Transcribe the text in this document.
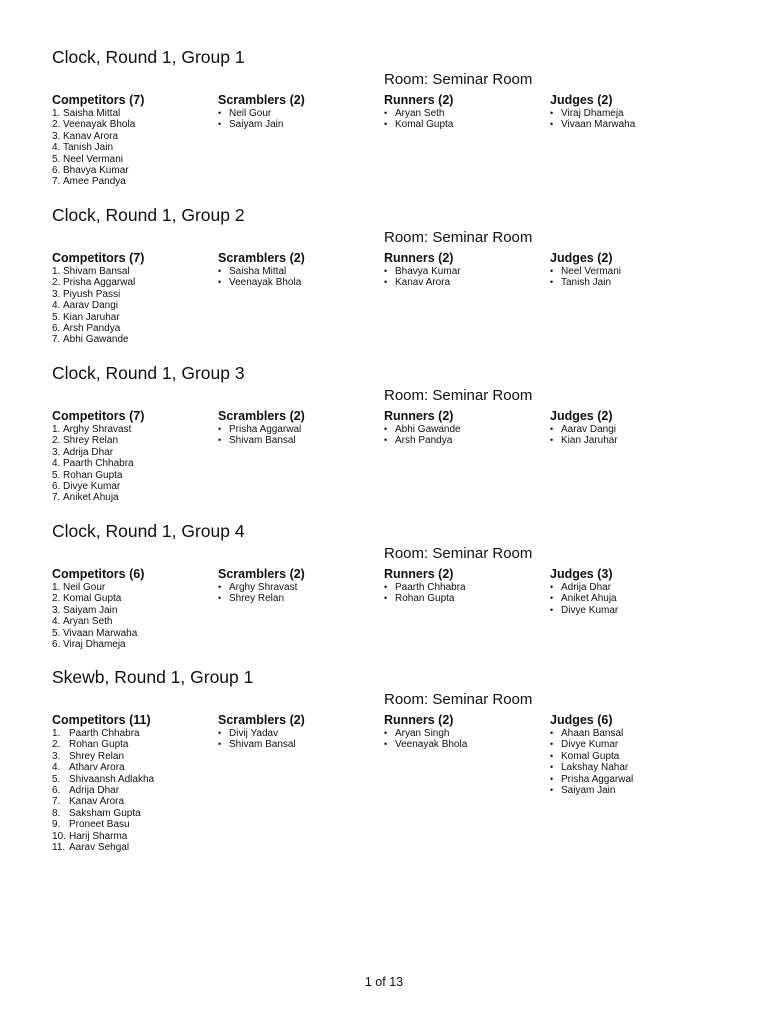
Clock, Round 1, Group 1
Room: Seminar Room
Competitors (7)
1. Saisha Mittal
2. Veenayak Bhola
3. Kanav Arora
4. Tanish Jain
5. Neel Vermani
6. Bhavya Kumar
7. Amee Pandya
Scramblers (2)
• Neil Gour
• Saiyam Jain
Runners (2)
• Aryan Seth
• Komal Gupta
Judges (2)
• Viraj Dhameja
• Vivaan Marwaha
Clock, Round 1, Group 2
Room: Seminar Room
Competitors (7)
1. Shivam Bansal
2. Prisha Aggarwal
3. Piyush Passi
4. Aarav Dangi
5. Kian Jaruhar
6. Arsh Pandya
7. Abhi Gawande
Scramblers (2)
• Saisha Mittal
• Veenayak Bhola
Runners (2)
• Bhavya Kumar
• Kanav Arora
Judges (2)
• Neel Vermani
• Tanish Jain
Clock, Round 1, Group 3
Room: Seminar Room
Competitors (7)
1. Arghy Shravast
2. Shrey Relan
3. Adrija Dhar
4. Paarth Chhabra
5. Rohan Gupta
6. Divye Kumar
7. Aniket Ahuja
Scramblers (2)
• Prisha Aggarwal
• Shivam Bansal
Runners (2)
• Abhi Gawande
• Arsh Pandya
Judges (2)
• Aarav Dangi
• Kian Jaruhar
Clock, Round 1, Group 4
Room: Seminar Room
Competitors (6)
1. Neil Gour
2. Komal Gupta
3. Saiyam Jain
4. Aryan Seth
5. Vivaan Marwaha
6. Viraj Dhameja
Scramblers (2)
• Arghy Shravast
• Shrey Relan
Runners (2)
• Paarth Chhabra
• Rohan Gupta
Judges (3)
• Adrija Dhar
• Aniket Ahuja
• Divye Kumar
Skewb, Round 1, Group 1
Room: Seminar Room
Competitors (11)
1. Paarth Chhabra
2. Rohan Gupta
3. Shrey Relan
4. Atharv Arora
5. Shivaansh Adlakha
6. Adrija Dhar
7. Kanav Arora
8. Saksham Gupta
9. Proneet Basu
10. Harij Sharma
11. Aarav Sehgal
Scramblers (2)
• Divij Yadav
• Shivam Bansal
Runners (2)
• Aryan Singh
• Veenayak Bhola
Judges (6)
• Ahaan Bansal
• Divye Kumar
• Komal Gupta
• Lakshay Nahar
• Prisha Aggarwal
• Saiyam Jain
1 of 13
